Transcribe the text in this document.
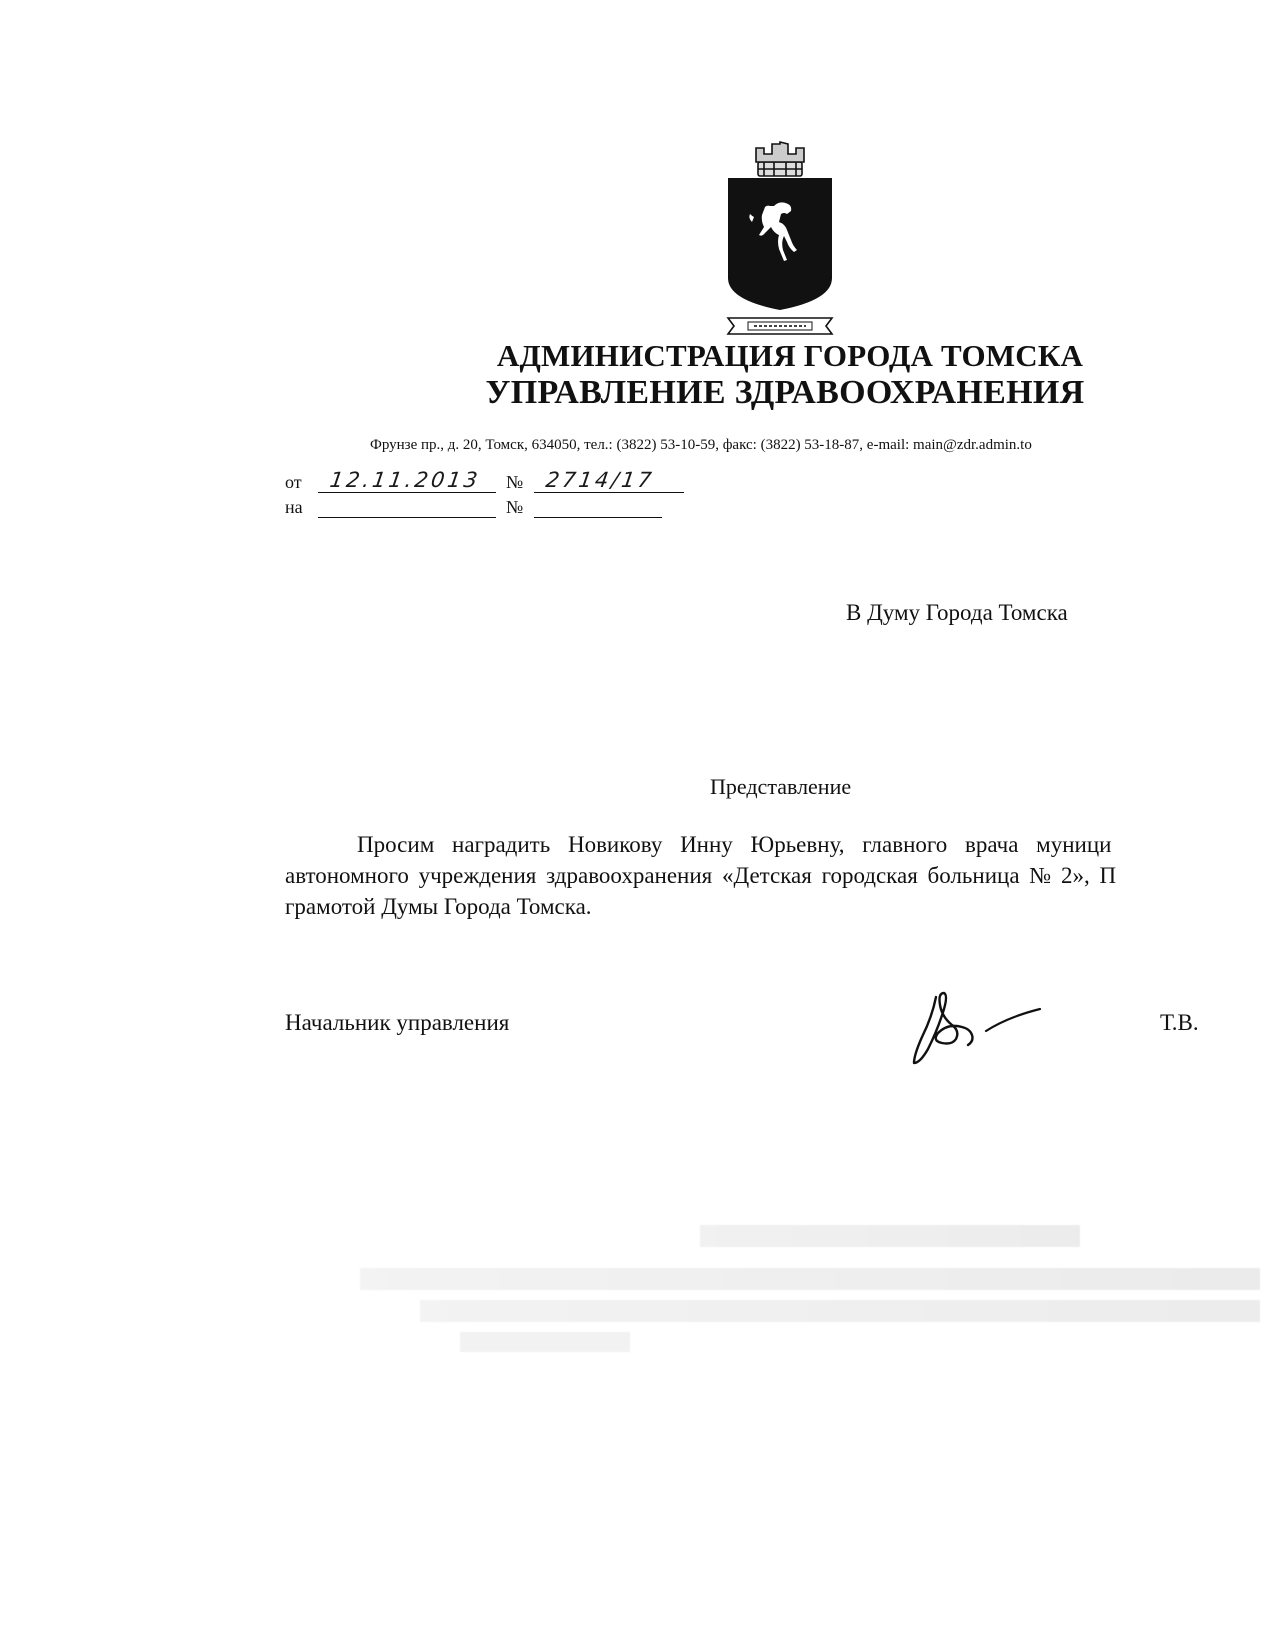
АДМИНИСТРАЦИЯ ГОРОДА ТОМСКА
УПРАВЛЕНИЕ ЗДРАВООХРАНЕНИЯ
Фрунзе пр., д. 20, Томск, 634050, тел.: (3822) 53-10-59, факс: (3822) 53-18-87, e-mail: main@zdr.admin.to
от 12.11.2013 № 2714/17
на	№
В Думу Города Томска
Представление
Просим наградить Новикову Инну Юрьевну, главного врача муници
автономного учреждения здравоохранения «Детская городская больница № 2», П
грамотой Думы Города Томска.
Начальник управления	Т.В.
